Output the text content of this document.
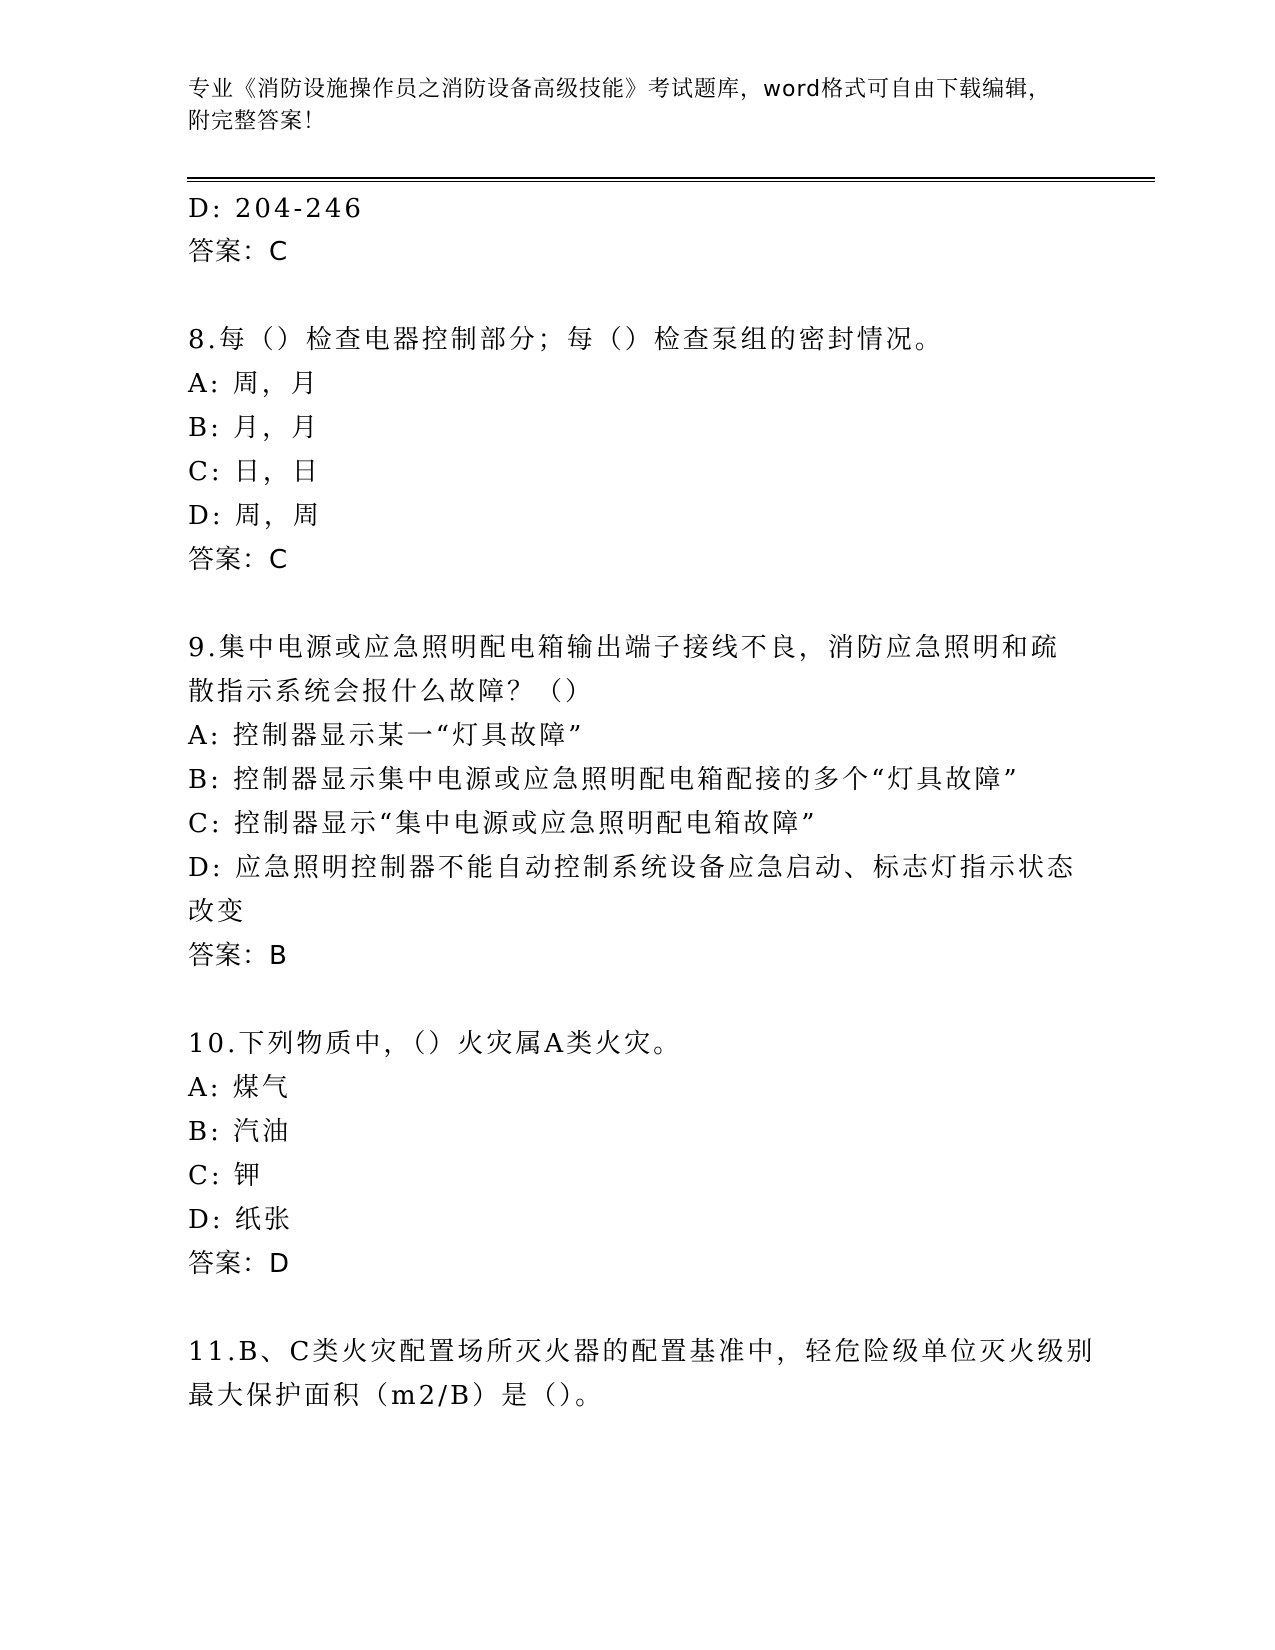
专业《消防设施操作员之消防设备高级技能》考试题库，word格式可自由下载编辑，附完整答案！
D: 204-246
答案：C
8.每（）检查电器控制部分；每（）检查泵组的密封情况。
A: 周，月
B: 月，月
C: 日，日
D: 周，周
答案：C
9.集中电源或应急照明配电箱输出端子接线不良，消防应急照明和疏
散指示系统会报什么故障？（）
A: 控制器显示某一“灯具故障”
B: 控制器显示集中电源或应急照明配电箱配接的多个“灯具故障”
C: 控制器显示“集中电源或应急照明配电箱故障”
D: 应急照明控制器不能自动控制系统设备应急启动、标志灯指示状态
改变
答案：B
10.下列物质中，（）火灾属A类火灾。
A: 煤气
B: 汽油
C: 钾
D: 纸张
答案：D
11.B、C类火灾配置场所灭火器的配置基准中，轻危险级单位灭火级别
最大保护面积（m2/B）是（）。
